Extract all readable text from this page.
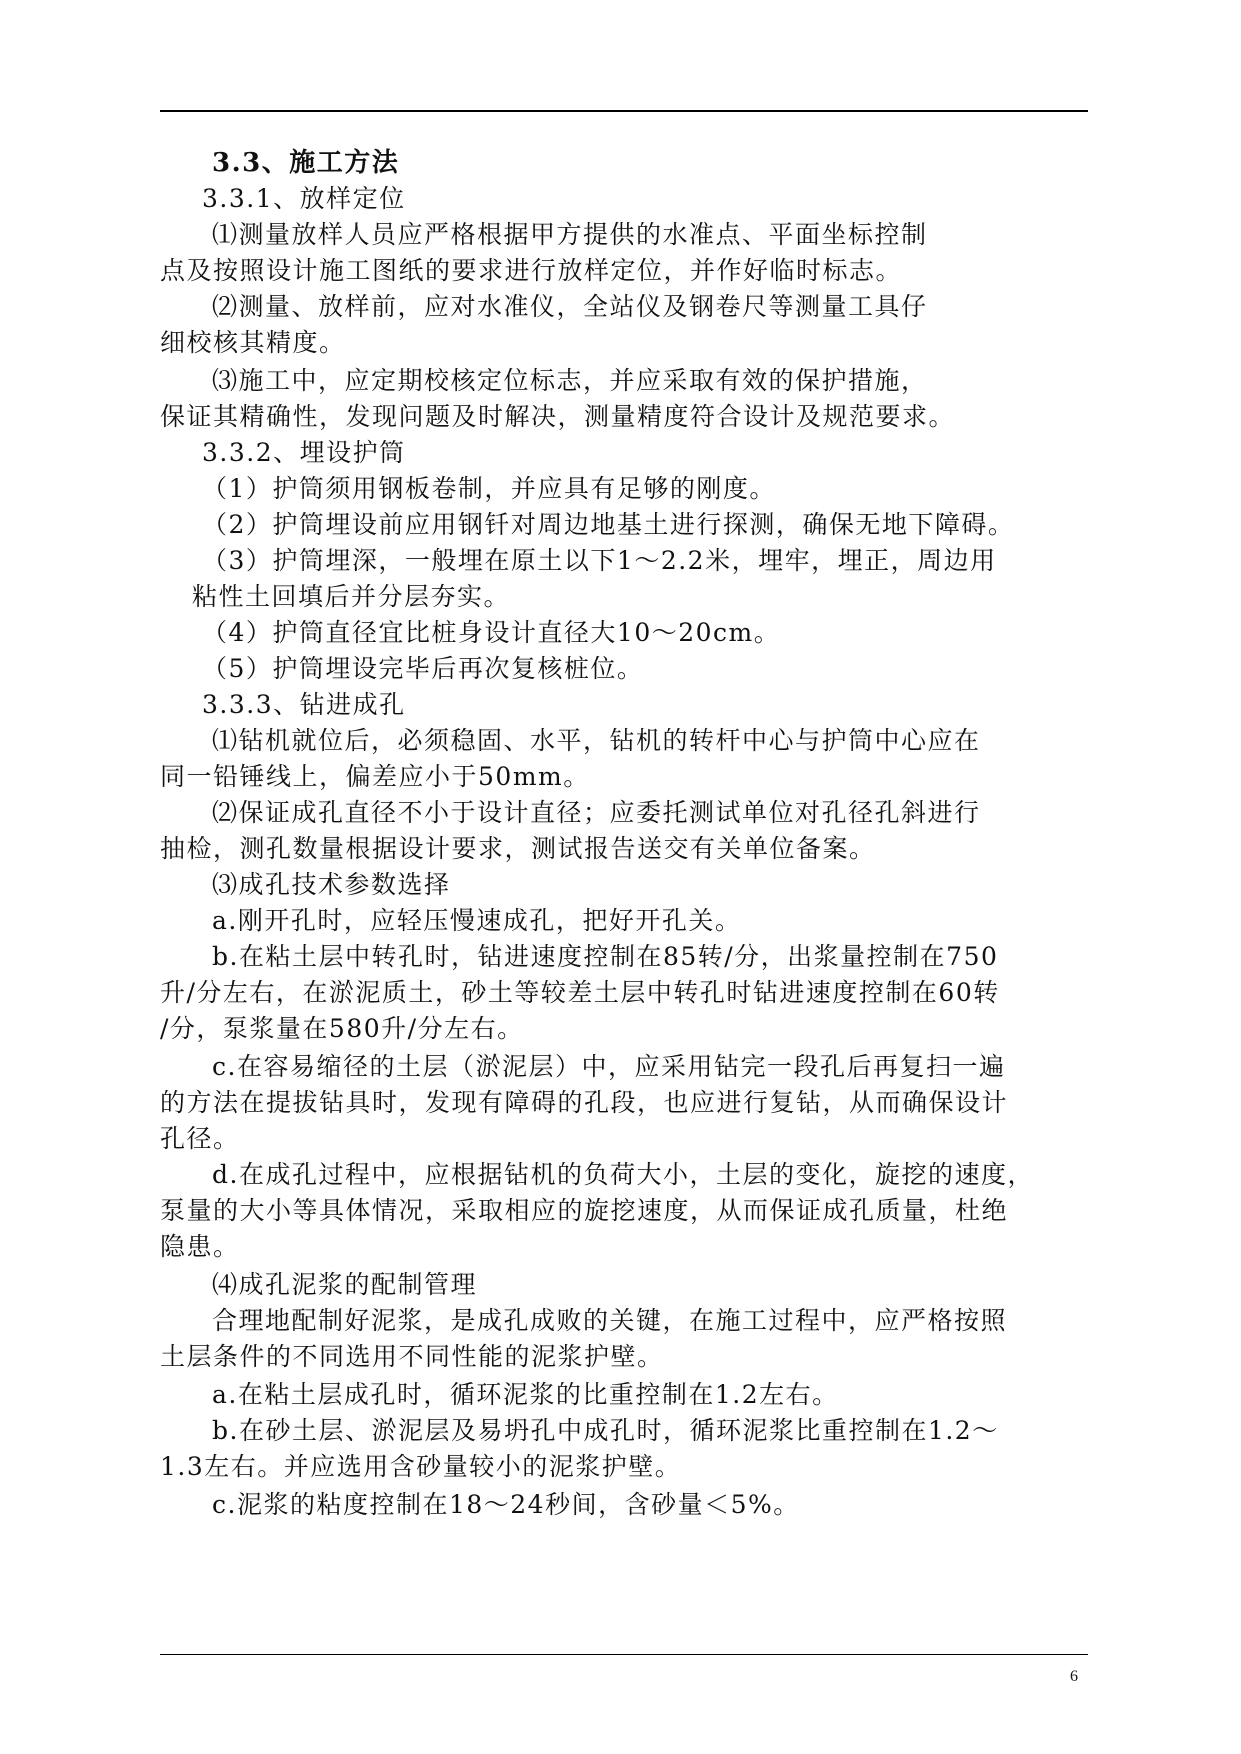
3.3、施工方法
3.3.1、放样定位
⑴测量放样人员应严格根据甲方提供的水准点、平面坐标控制
点及按照设计施工图纸的要求进行放样定位，并作好临时标志。
⑵测量、放样前，应对水准仪，全站仪及钢卷尺等测量工具仔
细校核其精度。
⑶施工中，应定期校核定位标志，并应采取有效的保护措施，
保证其精确性，发现问题及时解决，测量精度符合设计及规范要求。
3.3.2、埋设护筒
（1）护筒须用钢板卷制，并应具有足够的刚度。
（2）护筒埋设前应用钢钎对周边地基土进行探测，确保无地下障碍。
（3）护筒埋深，一般埋在原土以下1～2.2米，埋牢，埋正，周边用
粘性土回填后并分层夯实。
（4）护筒直径宜比桩身设计直径大10～20cm。
（5）护筒埋设完毕后再次复核桩位。
3.3.3、钻进成孔
⑴钻机就位后，必须稳固、水平，钻机的转杆中心与护筒中心应在
同一铅锤线上，偏差应小于50mm。
⑵保证成孔直径不小于设计直径；应委托测试单位对孔径孔斜进行
抽检，测孔数量根据设计要求，测试报告送交有关单位备案。
⑶成孔技术参数选择
a.刚开孔时，应轻压慢速成孔，把好开孔关。
b.在粘土层中转孔时，钻进速度控制在85转/分，出浆量控制在750
升/分左右，在淤泥质土，砂土等较差土层中转孔时钻进速度控制在60转
/分，泵浆量在580升/分左右。
c.在容易缩径的土层（淤泥层）中，应采用钻完一段孔后再复扫一遍
的方法在提拔钻具时，发现有障碍的孔段，也应进行复钻，从而确保设计
孔径。
d.在成孔过程中，应根据钻机的负荷大小，土层的变化，旋挖的速度，
泵量的大小等具体情况，采取相应的旋挖速度，从而保证成孔质量，杜绝
隐患。
⑷成孔泥浆的配制管理
合理地配制好泥浆，是成孔成败的关键，在施工过程中，应严格按照
土层条件的不同选用不同性能的泥浆护壁。
a.在粘土层成孔时，循环泥浆的比重控制在1.2左右。
b.在砂土层、淤泥层及易坍孔中成孔时，循环泥浆比重控制在1.2～
1.3左右。并应选用含砂量较小的泥浆护壁。
c.泥浆的粘度控制在18～24秒间，含砂量＜5%。
6
